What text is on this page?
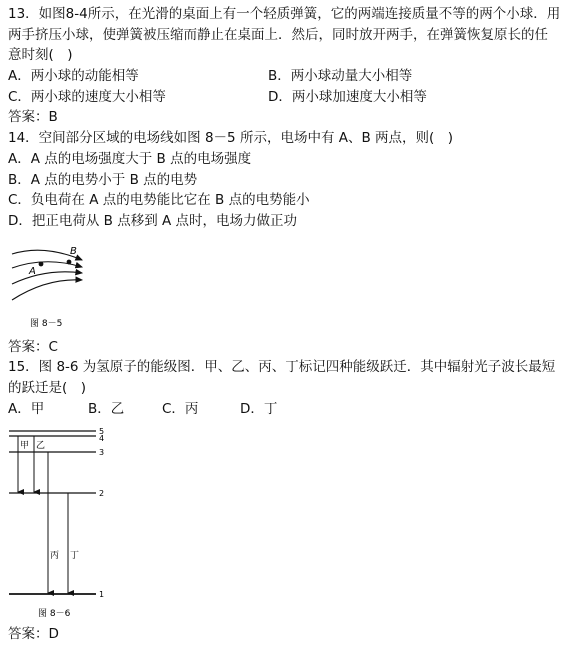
13．如图8-4所示，在光滑的桌面上有一个轻质弹簧，它的两端连接质量不等的两个小球．用
两手挤压小球，使弹簧被压缩而静止在桌面上．然后，同时放开两手，在弹簧恢复原长的任
意时刻(　)
A．两小球的动能相等	B．两小球动量大小相等
C．两小球的速度大小相等	D．两小球加速度大小相等
答案：B
14．空间部分区域的电场线如图 8－5 所示，电场中有 A、B 两点，则(　)
A．A 点的电场强度大于 B 点的电场强度
B．A 点的电势小于 B 点的电势
C．负电荷在 A 点的电势能比它在 B 点的电势能小
D．把正电荷从 B 点移到 A 点时，电场力做正功
A
B
图 8－5
答案：C
15．图 8-6 为氢原子的能级图．甲、乙、丙、丁标记四种能级跃迁．其中辐射光子波长最短
的跃迁是(　)
A．甲	B．乙	C．丙	D．丁
5
4
3
2
1
甲 乙
丙 丁
图 8－6
答案：D
